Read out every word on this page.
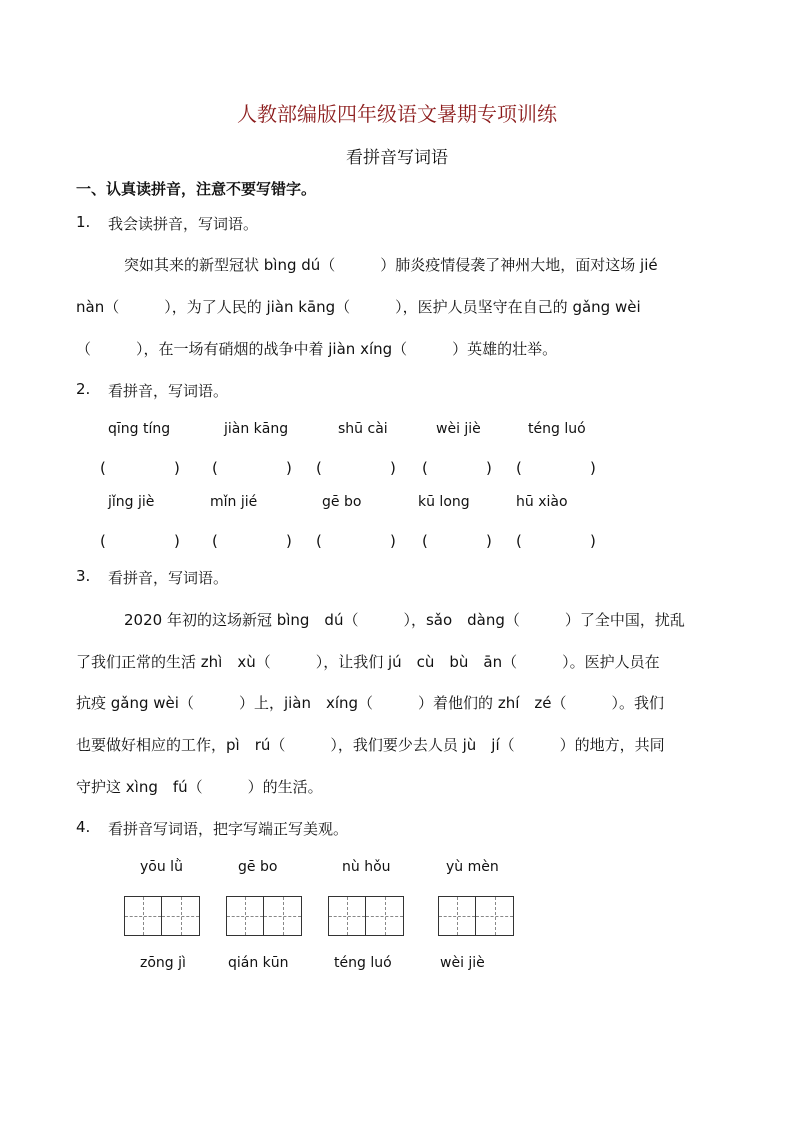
人教部编版四年级语文暑期专项训练
看拼音写词语
一、认真读拼音，注意不要写错字。
1. 我会读拼音，写词语。
突如其来的新型冠状 bìng dú（　　　）肺炎疫情侵袭了神州大地，面对这场 jié
nàn（　　　），为了人民的 jiàn kāng（　　　），医护人员坚守在自己的 gǎng wèi
（　　　），在一场有硝烟的战争中着 jiàn xíng（　　　）英雄的壮举。
2. 看拼音，写词语。
qīng tíng	jiàn kāng	shū cài	wèi jiè	téng luó
(	) (	) (	) (	) (	)
jǐng jiè	mǐn jié	gē bo	kū long	hū xiào
(	) (	) (	) (	) (	)
3. 看拼音，写词语。
2020 年初的这场新冠 bìng　dú（　　　），sǎo　dàng（　　　）了全中国，扰乱
了我们正常的生活 zhì　xù（　　　），让我们 jú　cù　bù　ān（　　　）。医护人员在
抗疫 gǎng wèi（　　　）上，jiàn　xíng（　　　）着他们的 zhí　zé（　　　）。我们
也要做好相应的工作，pì　rú（　　　），我们要少去人员 jù　jí（　　　）的地方，共同
守护这 xìng　fú（　　　）的生活。
4. 看拼音写词语，把字写端正写美观。
yōu lǜ	gē bo	nù hǒu	yù mèn
zōng jì	qián kūn	téng luó	wèi jiè
